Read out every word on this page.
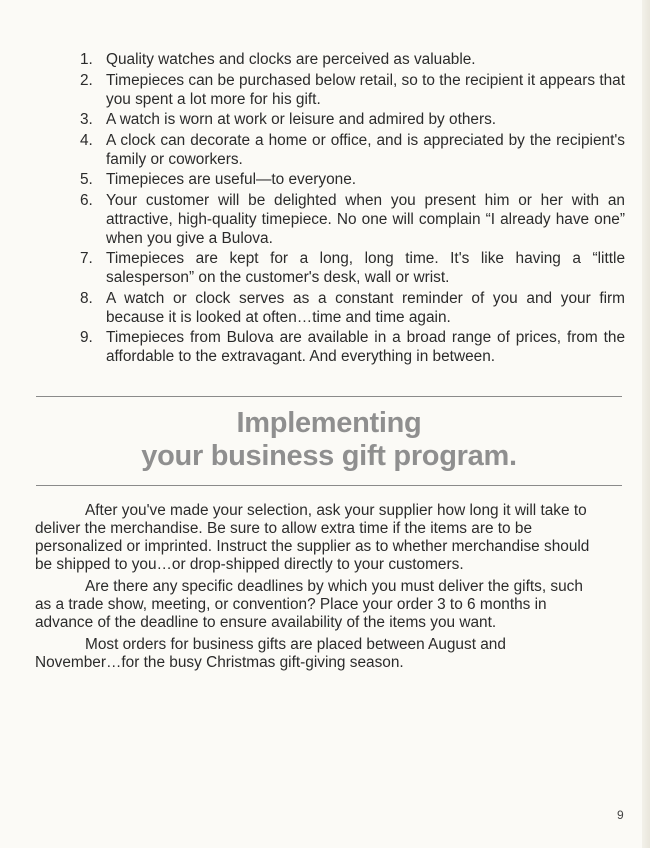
1. Quality watches and clocks are perceived as valuable.
2. Timepieces can be purchased below retail, so to the recipient it appears that you spent a lot more for his gift.
3. A watch is worn at work or leisure and admired by others.
4. A clock can decorate a home or office, and is appreciated by the recipient's family or coworkers.
5. Timepieces are useful—to everyone.
6. Your customer will be delighted when you present him or her with an attractive, high-quality timepiece. No one will complain “I already have one” when you give a Bulova.
7. Timepieces are kept for a long, long time. It's like having a “little salesperson” on the customer's desk, wall or wrist.
8. A watch or clock serves as a constant reminder of you and your firm because it is looked at often…time and time again.
9. Timepieces from Bulova are available in a broad range of prices, from the affordable to the extravagant. And everything in between.
Implementing
your business gift program.

After you've made your selection, ask your supplier how long it will take to deliver the merchandise. Be sure to allow extra time if the items are to be personalized or imprinted. Instruct the supplier as to whether merchandise should be shipped to you…or drop-shipped directly to your customers.

Are there any specific deadlines by which you must deliver the gifts, such as a trade show, meeting, or convention? Place your order 3 to 6 months in advance of the deadline to ensure availability of the items you want.

Most orders for business gifts are placed between August and November…for the busy Christmas gift-giving season.

9
